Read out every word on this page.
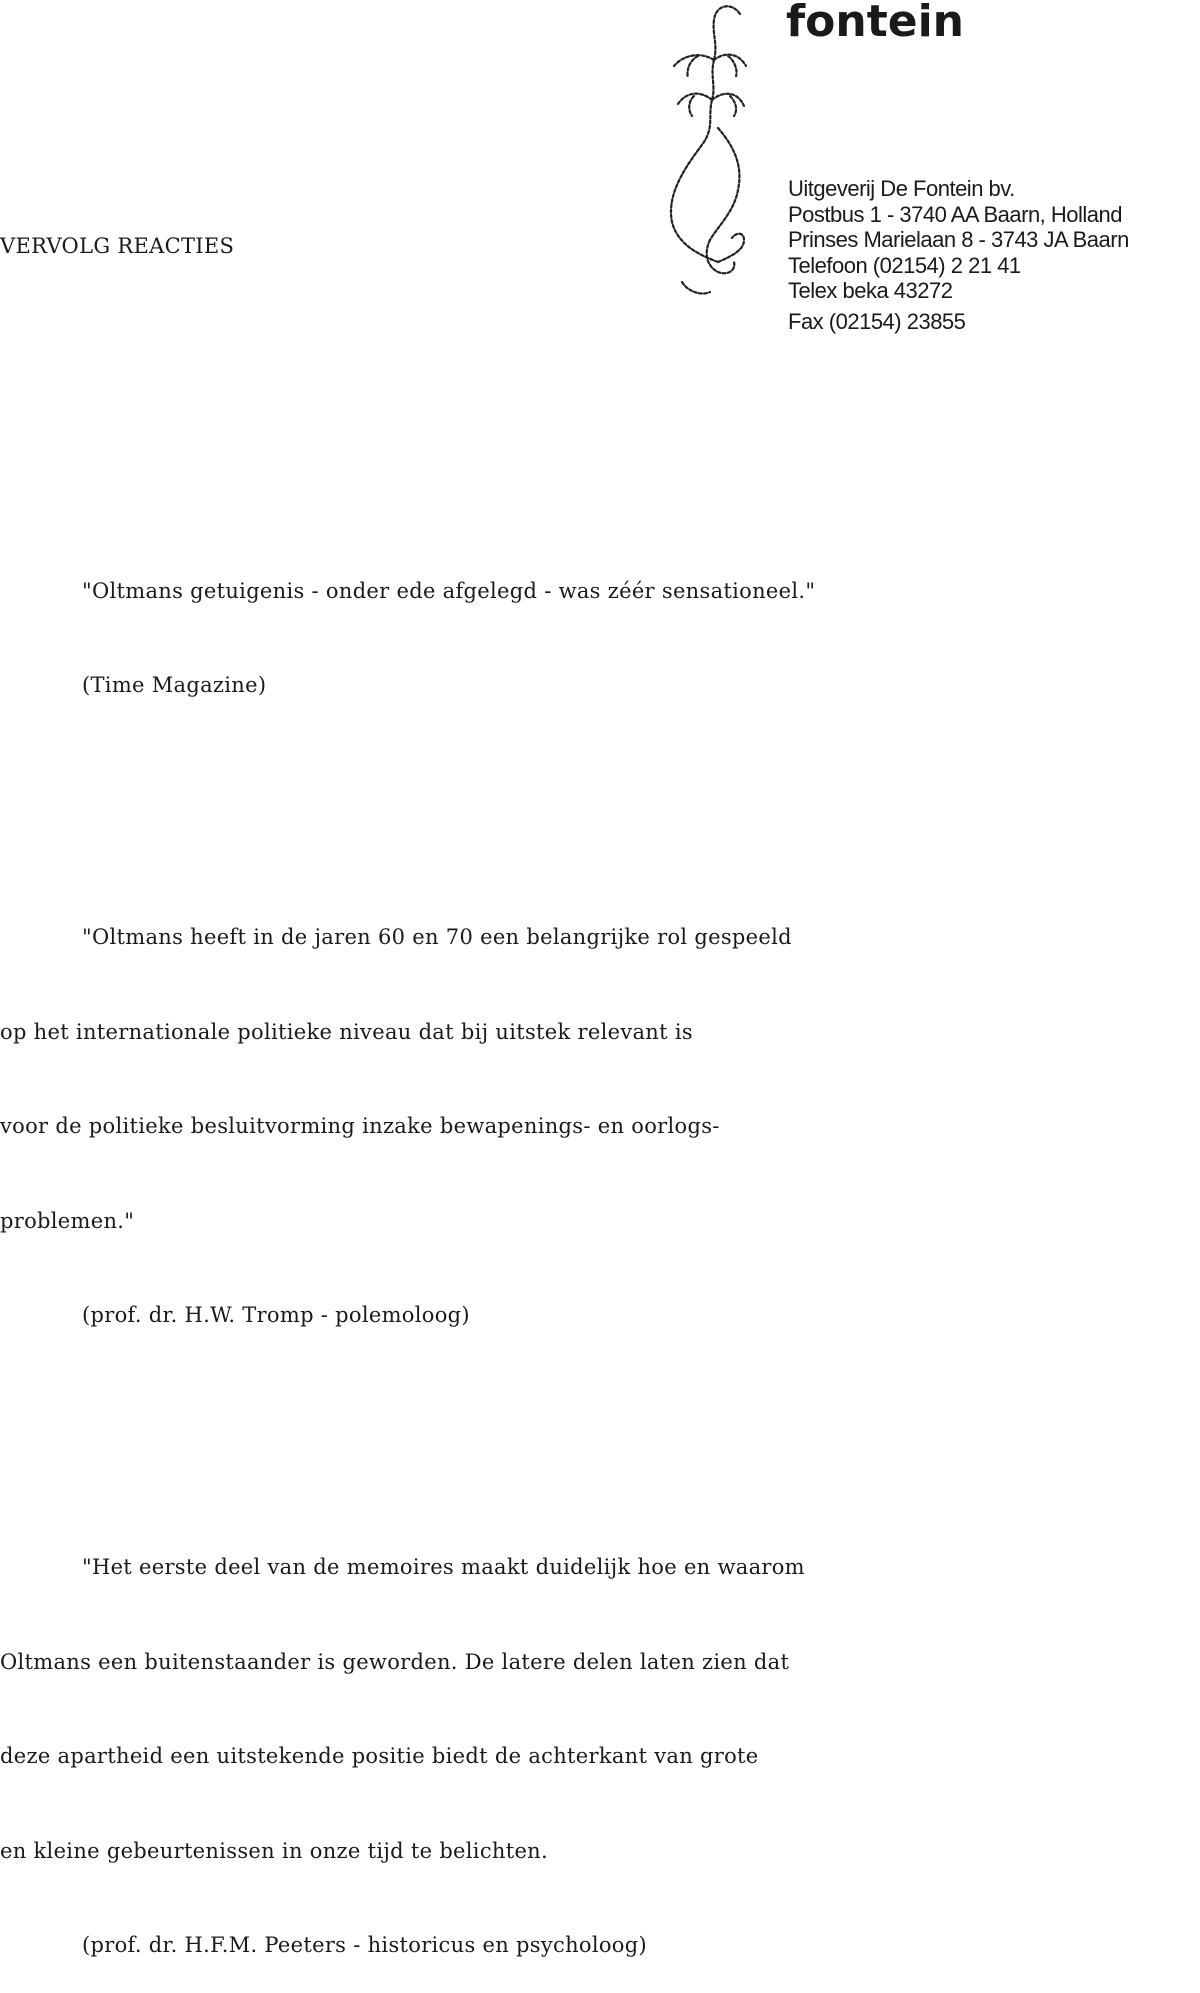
fontein
Uitgeverij De Fontein bv.
Postbus 1 - 3740 AA Baarn, Holland
Prinses Marielaan 8 - 3743 JA Baarn
Telefoon (02154) 2 21 41
Telex beka 43272
Fax (02154) 23855
VERVOLG REACTIES

"Oltmans getuigenis - onder ede afgelegd - was zéér sensationeel."

(Time Magazine)

"Oltmans heeft in de jaren 60 en 70 een belangrijke rol gespeeld

op het internationale politieke niveau dat bij uitstek relevant is

voor de politieke besluitvorming inzake bewapenings- en oorlogs-

problemen."

(prof. dr. H.W. Tromp - polemoloog)

"Het eerste deel van de memoires maakt duidelijk hoe en waarom

Oltmans een buitenstaander is geworden. De latere delen laten zien dat

deze apartheid een uitstekende positie biedt de achterkant van grote

en kleine gebeurtenissen in onze tijd te belichten.

(prof. dr. H.F.M. Peeters - historicus en psycholoog)
